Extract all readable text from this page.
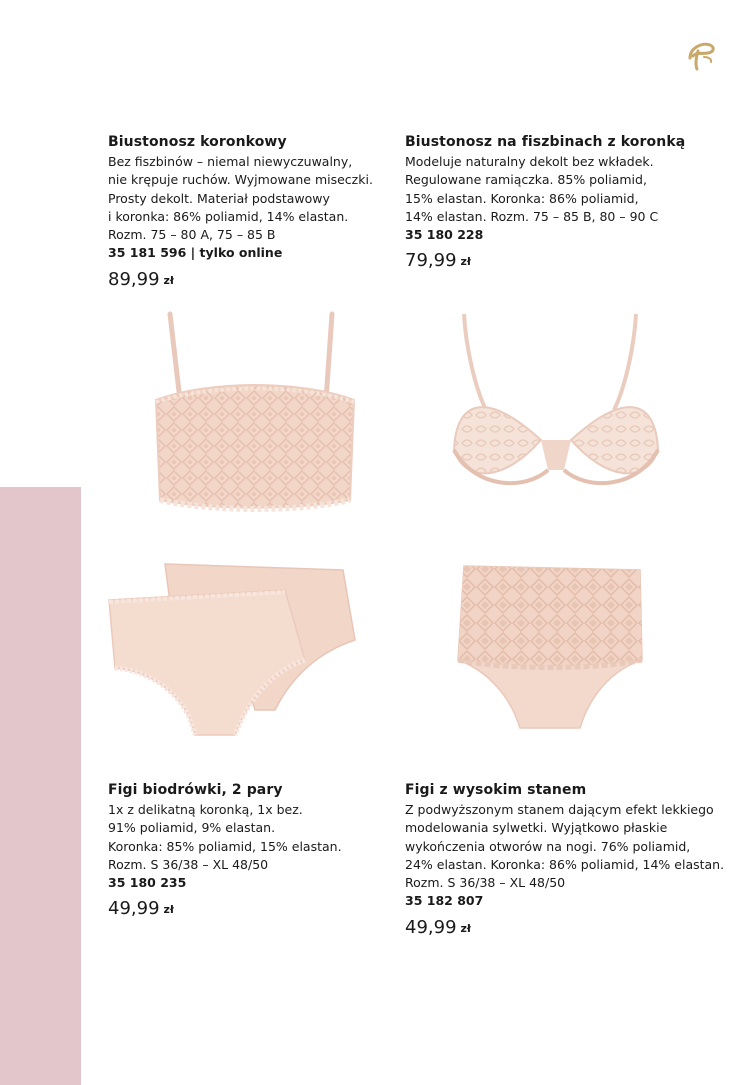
Biustonosz koronkowy
Bez fiszbinów – niemal niewyczuwalny,
nie krępuje ruchów. Wyjmowane miseczki.
Prosty dekolt. Materiał podstawowy
i koronka: 86% poliamid, 14% elastan.
Rozm. 75 – 80 A, 75 – 85 B
35 181 596 | tylko online
89,99 zł
Biustonosz na fiszbinach z koronką
Modeluje naturalny dekolt bez wkładek.
Regulowane ramiączka. 85% poliamid,
15% elastan. Koronka: 86% poliamid,
14% elastan. Rozm. 75 – 85 B, 80 – 90 C
35 180 228
79,99 zł
Figi biodrówki, 2 pary
1x z delikatną koronką, 1x bez.
91% poliamid, 9% elastan.
Koronka: 85% poliamid, 15% elastan.
Rozm. S 36/38 – XL 48/50
35 180 235
49,99 zł
Figi z wysokim stanem
Z podwyższonym stanem dającym efekt lekkiego
modelowania sylwetki. Wyjątkowo płaskie
wykończenia otworów na nogi. 76% poliamid,
24% elastan. Koronka: 86% poliamid, 14% elastan.
Rozm. S 36/38 – XL 48/50
35 182 807
49,99 zł
